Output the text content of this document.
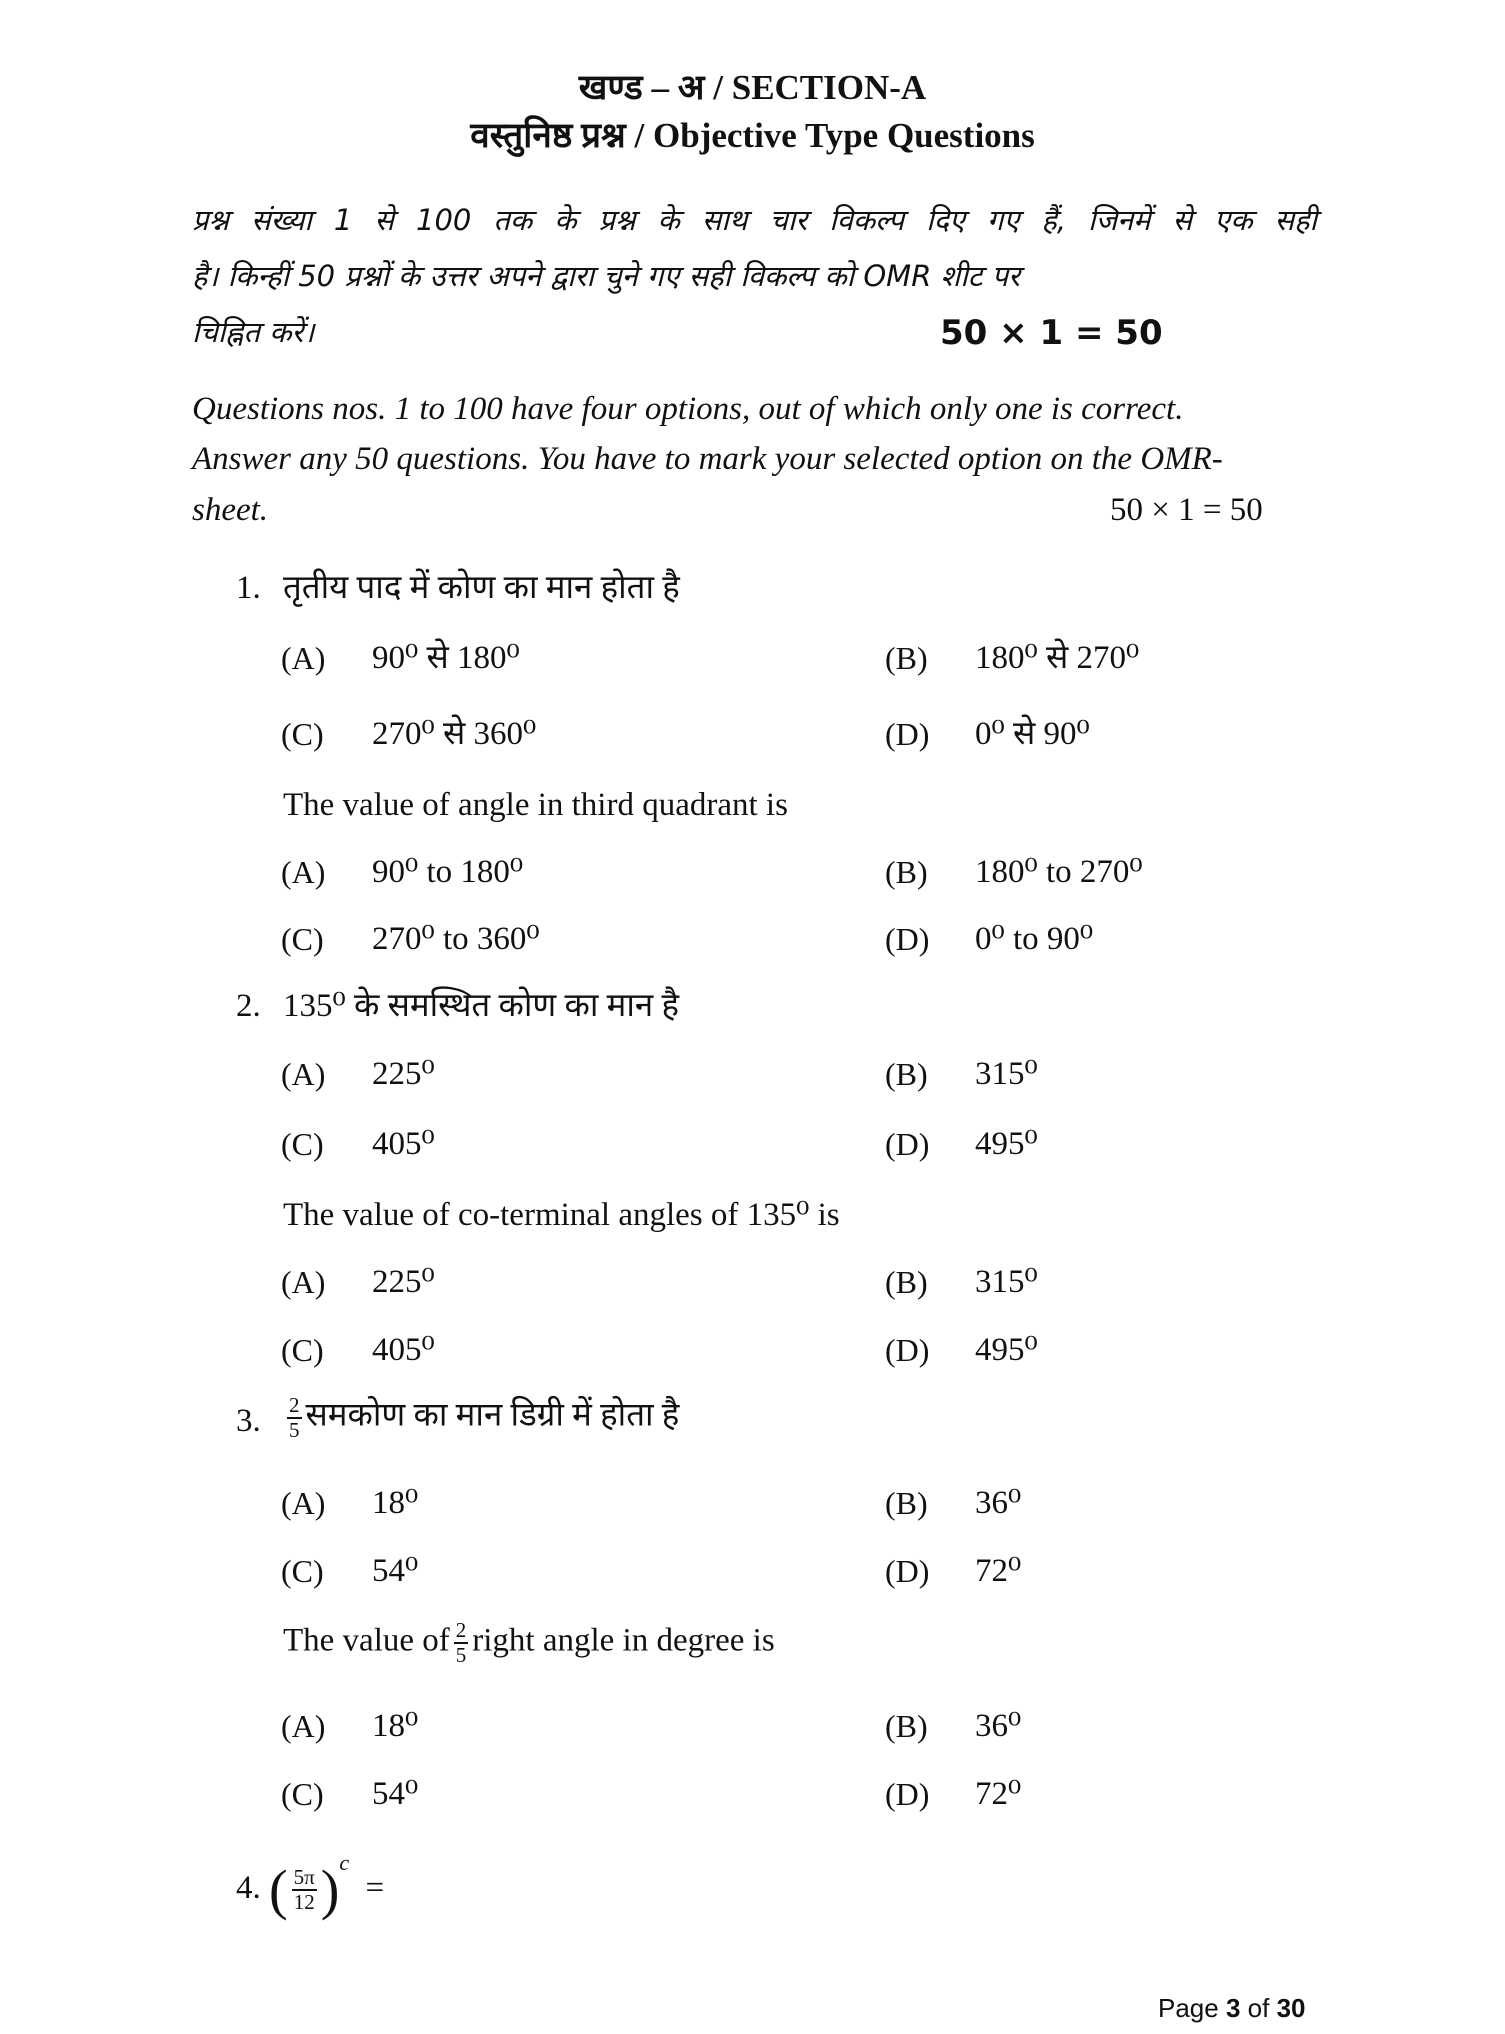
खण्ड – अ / SECTION-A
वस्तुनिष्ठ प्रश्न / Objective Type Questions
प्रश्न संख्या 1 से 100 तक के प्रश्न के साथ चार विकल्प दिए गए हैं, जिनमें से एक सही
है। किन्हीं 50 प्रश्नों के उत्तर अपने द्वारा चुने गए सही विकल्प को OMR शीट पर
चिह्नित करें।	50 × 1 = 50
Questions nos. 1 to 100 have four options, out of which only one is correct.
Answer any 50 questions. You have to mark your selected option on the OMR-
sheet.	50 × 1 = 50
1. तृतीय पाद में कोण का मान होता है
(A) 90⁰ से 180⁰	(B) 180⁰ से 270⁰
(C) 270⁰ से 360⁰	(D) 0⁰ से 90⁰
The value of angle in third quadrant is
(A) 90⁰ to 180⁰	(B) 180⁰ to 270⁰
(C) 270⁰ to 360⁰	(D) 0⁰ to 90⁰
2. 135⁰ के समस्थित कोण का मान है
(A) 225⁰	(B) 315⁰
(C) 405⁰	(D) 495⁰
The value of co-terminal angles of 135⁰ is
(A) 225⁰	(B) 315⁰
(C) 405⁰	(D) 495⁰
3. $\frac{2}{5}$ समकोण का मान डिग्री में होता है
(A) 18⁰	(B) 36⁰
(C) 54⁰	(D) 72⁰
The value of $\frac{2}{5}$ right angle in degree is
(A) 18⁰	(B) 36⁰
(C) 54⁰	(D) 72⁰
4. ( $\frac{5\pi}{12} )^c$ =
Page 3 of 30
